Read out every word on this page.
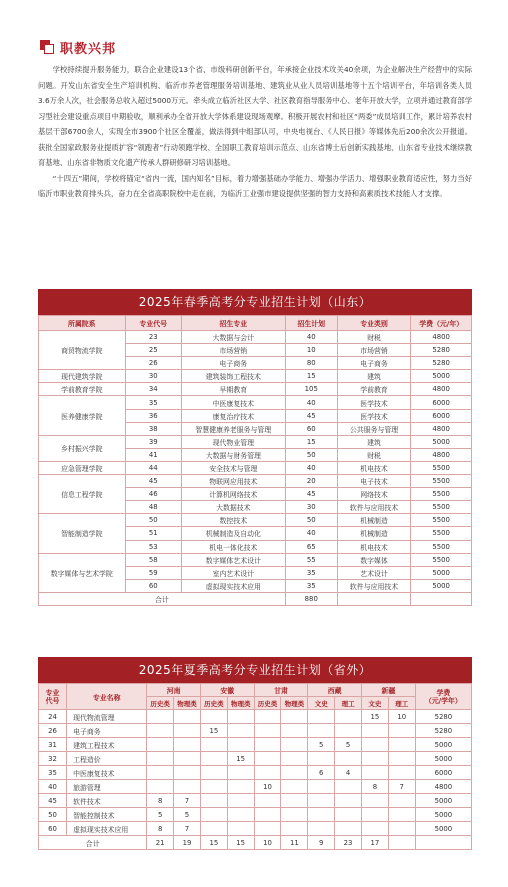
职教兴邦

学校持续提升服务能力，联合企业建设13个省、市级科研创新平台，年承接企业技术攻关40余项，为企业解决生产经营中的实际问题。开发山东省安全生产培训机构、临沂市养老管理服务培训基地、建筑业从业人员培训基地等十五个培训平台，年培训各类人员3.6万余人次，社会服务总收入超过5000万元。牵头成立临沂社区大学、社区教育指导服务中心、老年开放大学，立项并通过教育部学习型社会建设重点项目中期验收，顺利承办全省开放大学体系建设现场观摩。积极开展农村和社区“两委”成员培训工作，累计培养农村基层干部6700余人，实现全市3900个社区全覆盖，做法得到中组部认可，中央电视台、《人民日报》等媒体先后200余次公开报道。获批全国家政服务业提质扩容“领跑者”行动领跑学校、全国职工教育培训示范点、山东省博士后创新实践基地、山东省专业技术继续教育基地、山东省非物质文化遗产传承人群研修研习培训基地。

“十四五”期间，学校将锚定“省内一流，国内知名”目标，着力增强基础办学能力、增强办学活力、增强职业教育适应性，努力当好临沂市职业教育排头兵，奋力在全省高职院校中走在前，为临沂工业强市建设提供坚强的智力支持和高素质技术技能人才支撑。

2025年春季高考分专业招生计划（山东）
所属院系	专业代号	招生专业	招生计划	专业类别	学费（元/年）
商贸物流学院	23	大数据与会计	40	财税	4800
	25	市场营销	10	市场营销	5280
	26	电子商务	80	电子商务	5280
现代建筑学院	30	建筑装饰工程技术	15	建筑	5000
学前教育学院	34	早期教育	105	学前教育	4800
医养健康学院	35	中医康复技术	40	医学技术	6000
	36	康复治疗技术	45	医学技术	6000
	38	智慧健康养老服务与管理	60	公共服务与管理	4800
乡村振兴学院	39	现代物业管理	15	建筑	5000
	41	大数据与财务管理	50	财税	4800
应急管理学院	44	安全技术与管理	40	机电技术	5500
信息工程学院	45	物联网应用技术	20	电子技术	5500
	46	计算机网络技术	45	网络技术	5500
	48	大数据技术	30	软件与应用技术	5500
智能制造学院	50	数控技术	50	机械制造	5500
	51	机械制造及自动化	40	机械制造	5500
	53	机电一体化技术	65	机电技术	5500
数字媒体与艺术学院	58	数字媒体艺术设计	55	数字媒体	5500
	59	室内艺术设计	35	艺术设计	5000
	60	虚拟现实技术应用	35	软件与应用技术	5000
合计			880		
2025年夏季高考分专业招生计划（省外）
专业
代号	专业名称	河南		安徽		甘肃		西藏		新疆		学费
（元/学年）
		历史类	物理类	历史类	物理类	历史类	物理类	文史	理工	文史	理工	
24	现代物流管理									15	10	5280
26	电子商务			15								5280
31	建筑工程技术							5	5			5000
32	工程造价				15							5000
35	中医康复技术							6	4			6000
40	旅游管理					10				8	7	4800
45	软件技术	8	7									5000
50	智能控制技术	5	5									5000
60	虚拟现实技术应用	8	7									5000
合计		21	19	15	15	10	11	9	23	17		
